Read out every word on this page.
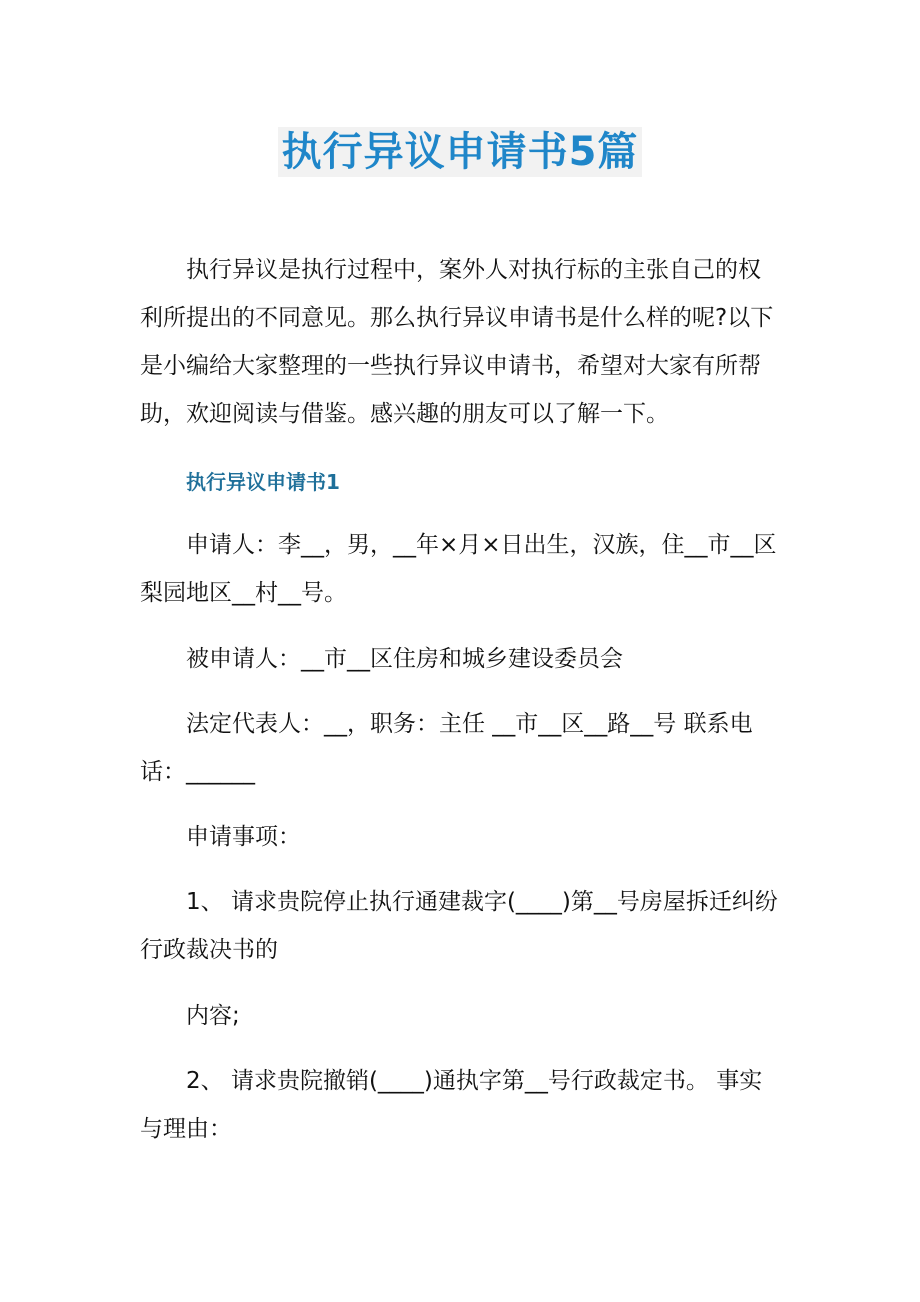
执行异议申请书5篇

执行异议是执行过程中，案外人对执行标的主张自己的权利所提出的不同意见。那么执行异议申请书是什么样的呢?以下是小编给大家整理的一些执行异议申请书，希望对大家有所帮助，欢迎阅读与借鉴。感兴趣的朋友可以了解一下。

执行异议申请书1

申请人：李__，男，__年×月×日出生，汉族，住__市__区梨园地区__村__号。

被申请人：__市__区住房和城乡建设委员会

法定代表人：__，职务：主任 __市__区__路__号 联系电话：______

申请事项：

1、 请求贵院停止执行通建裁字(____)第__号房屋拆迁纠纷行政裁决书的

内容;

2、 请求贵院撤销(____)通执字第__号行政裁定书。 事实与理由：
